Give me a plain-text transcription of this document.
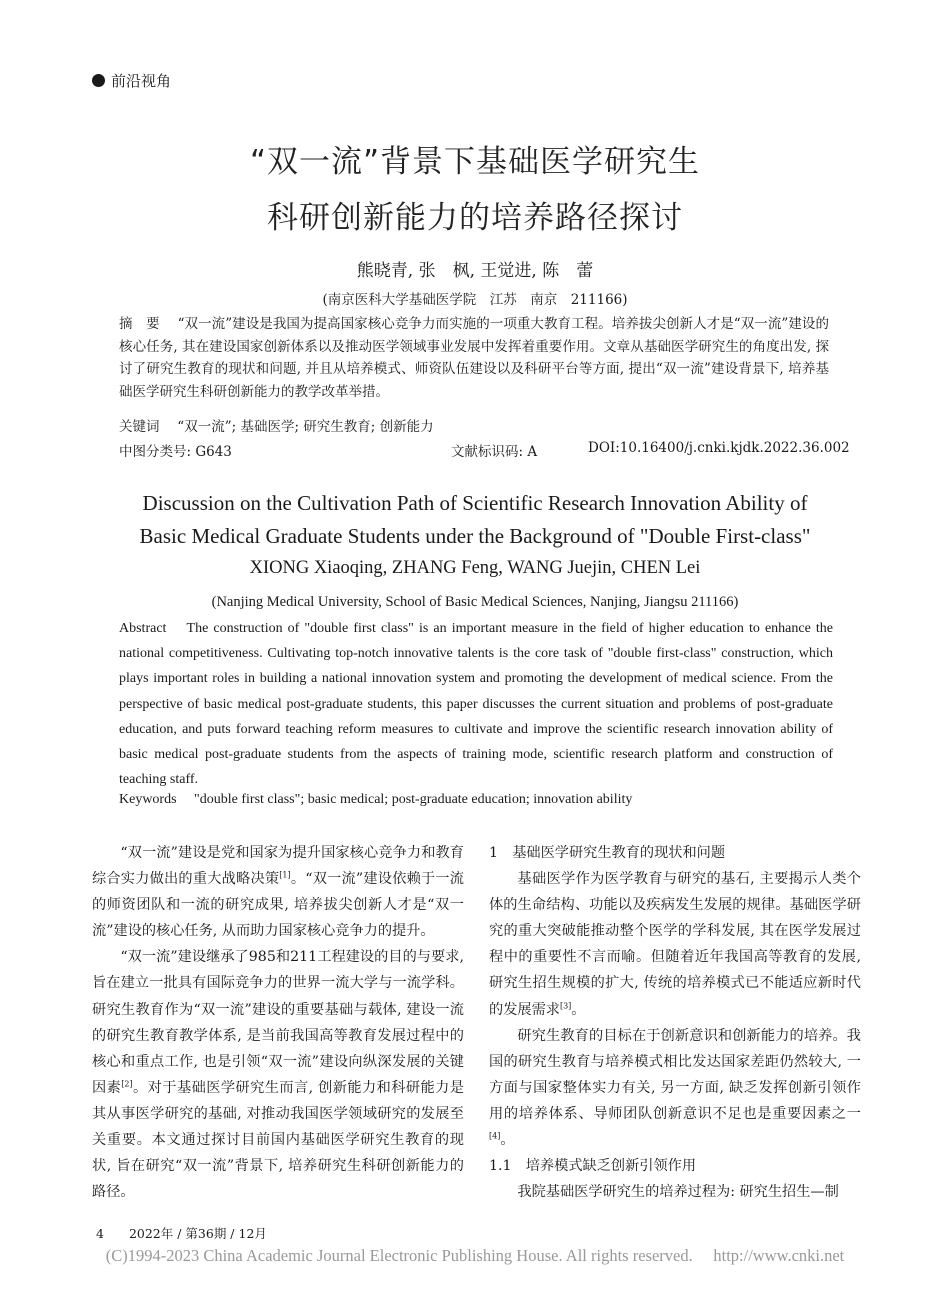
前沿视角
“双一流”背景下基础医学研究生
科研创新能力的培养路径探讨
熊晓青, 张　枫, 王觉进, 陈　蕾
(南京医科大学基础医学院　江苏　南京　211166)
摘　要　 “双一流”建设是我国为提高国家核心竞争力而实施的一项重大教育工程。培养拔尖创新人才是“双一流”建设的核心任务, 其在建设国家创新体系以及推动医学领域事业发展中发挥着重要作用。文章从基础医学研究生的角度出发, 探讨了研究生教育的现状和问题, 并且从培养模式、师资队伍建设以及科研平台等方面, 提出“双一流”建设背景下, 培养基础医学研究生科研创新能力的教学改革举措。
关键词　 “双一流”; 基础医学; 研究生教育; 创新能力
中图分类号: G643	文献标识码: A	DOI:10.16400/j.cnki.kjdk.2022.36.002
Discussion on the Cultivation Path of Scientific Research Innovation Ability of
Basic Medical Graduate Students under the Background of "Double First-class"
XIONG Xiaoqing, ZHANG Feng, WANG Juejin, CHEN Lei
(Nanjing Medical University, School of Basic Medical Sciences, Nanjing, Jiangsu 211166)
Abstract The construction of "double first class" is an important measure in the field of higher education to enhance the national competitiveness. Cultivating top-notch innovative talents is the core task of "double first-class" construction, which plays important roles in building a national innovation system and promoting the development of medical science. From the perspective of basic medical post-graduate students, this paper discusses the current situation and problems of post-graduate education, and puts forward teaching reform measures to cultivate and improve the scientific research innovation ability of basic medical post-graduate students from the aspects of training mode, scientific research platform and construction of teaching staff.
Keywords "double first class"; basic medical; post-graduate education; innovation ability

“双一流”建设是党和国家为提升国家核心竞争力和教育综合实力做出的重大战略决策[1]。“双一流”建设依赖于一流的师资团队和一流的研究成果, 培养拔尖创新人才是“双一流”建设的核心任务, 从而助力国家核心竞争力的提升。

“双一流”建设继承了985和211工程建设的目的与要求, 旨在建立一批具有国际竞争力的世界一流大学与一流学科。研究生教育作为“双一流”建设的重要基础与载体, 建设一流的研究生教育教学体系, 是当前我国高等教育发展过程中的核心和重点工作, 也是引领“双一流”建设向纵深发展的关键因素[2]。对于基础医学研究生而言, 创新能力和科研能力是其从事医学研究的基础, 对推动我国医学领域研究的发展至关重要。本文通过探讨目前国内基础医学研究生教育的现状, 旨在研究“双一流”背景下, 培养研究生科研创新能力的路径。

1　基础医学研究生教育的现状和问题

基础医学作为医学教育与研究的基石, 主要揭示人类个体的生命结构、功能以及疾病发生发展的规律。基础医学研究的重大突破能推动整个医学的学科发展, 其在医学发展过程中的重要性不言而喻。但随着近年我国高等教育的发展, 研究生招生规模的扩大, 传统的培养模式已不能适应新时代的发展需求[3]。

研究生教育的目标在于创新意识和创新能力的培养。我国的研究生教育与培养模式相比发达国家差距仍然较大, 一方面与国家整体实力有关, 另一方面, 缺乏发挥创新引领作用的培养体系、导师团队创新意识不足也是重要因素之一[4]。

1.1　培养模式缺乏创新引领作用

我院基础医学研究生的培养过程为: 研究生招生—制

4　　2022年 / 第36期 / 12月
(C)1994-2023 China Academic Journal Electronic Publishing House. All rights reserved.　 http://www.cnki.net
